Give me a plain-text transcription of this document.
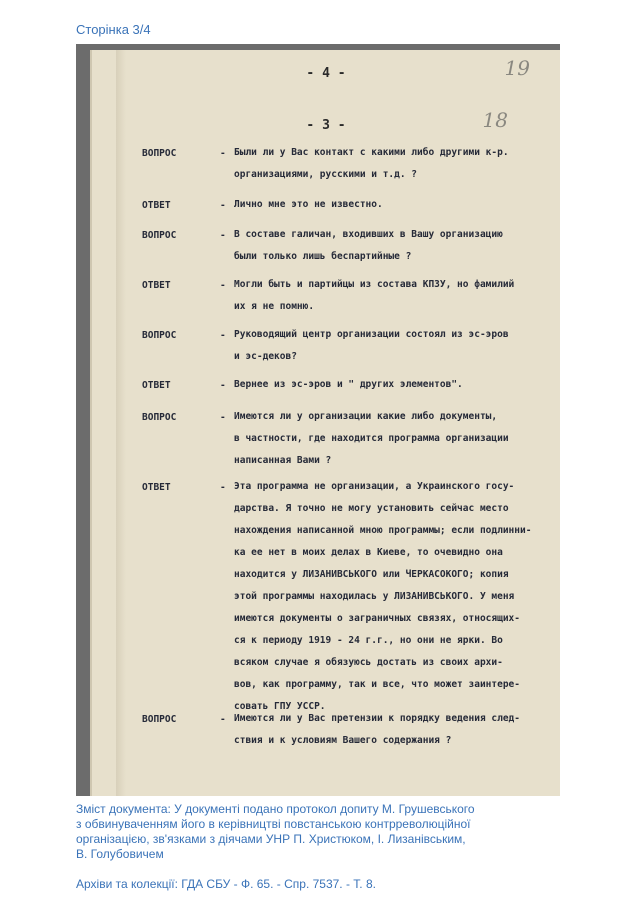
Сторінка 3/4
- 4 -
- 3 -
19
18
ВОПРОС	- Были ли у Вас контакт с какими либо другими к-р.
организациями, русскими и т.д. ?
ОТВЕТ	- Лично мне это не известно.
ВОПРОС	- В составе галичан, входивших в Вашу организацию
были только лишь беспартийные ?
ОТВЕТ	- Могли быть и партийцы из состава КПЗУ, но фамилий
их я не помню.
ВОПРОС	- Руководящий центр организации состоял из эс-эров
и эс-деков?
ОТВЕТ	- Вернее из эс-эров и " других элементов".
ВОПРОС	- Имеются ли у организации какие либо документы,
в частности, где находится программа организации
написанная Вами ?
ОТВЕТ	- Эта программа не организации, а Украинского госу-
дарства. Я точно не могу установить сейчас место
нахождения написанной мною программы; если подлинни-
ка ее нет в моих делах в Киеве, то очевидно она
находится у ЛИЗАНИВСЬКОГО или ЧЕРКАСОКОГО; копия
этой программы находилась у ЛИЗАНИВСЬКОГО. У меня
имеются документы о заграничных связях, относящих-
ся к периоду 1919 - 24 г.г., но они не ярки. Во
всяком случае я обязуюсь достать из своих архи-
вов, как программу, так и все, что может заинтере-
совать ГПУ УССР.
ВОПРОС	- Имеются ли у Вас претензии к порядку ведения след-
ствия и к условиям Вашего содержания ?
Зміст документа: У документі подано протокол допиту М. Грушевського
з обвинуваченням його в керівництві повстанською контрреволюційної
організацією, зв'язками з діячами УНР П. Христюком, І. Лизанівським,
В. Голубовичем
Архіви та колекції: ГДА СБУ - Ф. 65. - Спр. 7537. - Т. 8.
